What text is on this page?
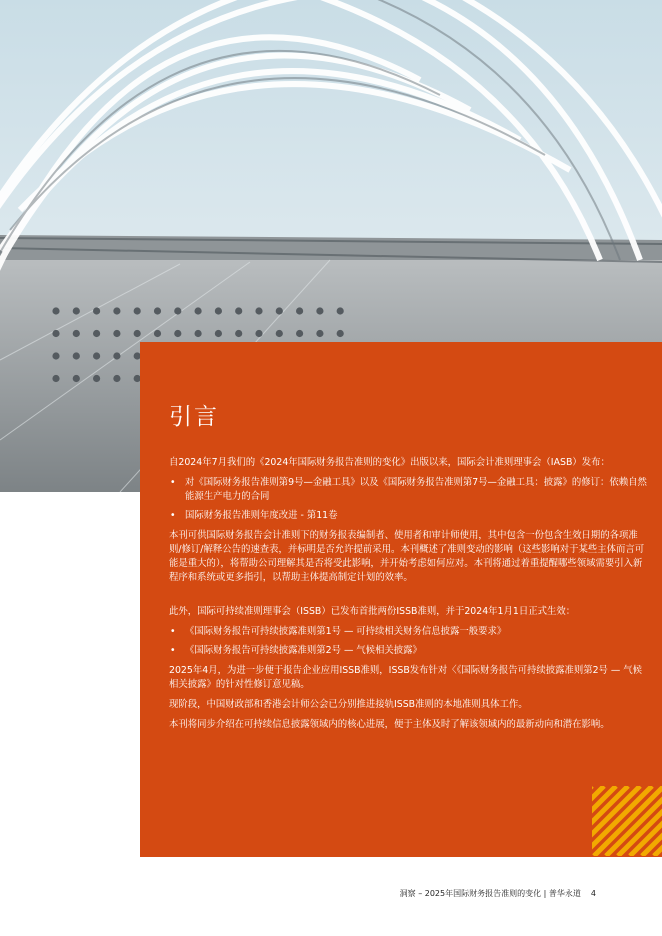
引言

自2024年7月我们的《2024年国际财务报告准则的变化》出版以来，国际会计准则理事会（IASB）发布：

• 对《国际财务报告准则第9号—金融工具》以及《国际财务报告准则第7号—金融工具：披露》的修订：依赖自然能源生产电力的合同
• 国际财务报告准则年度改进 - 第11卷

本刊可供国际财务报告会计准则下的财务报表编制者、使用者和审计师使用，其中包含一份包含生效日期的各项准则/修订/解释公告的速查表，并标明是否允许提前采用。本刊概述了准则变动的影响（这些影响对于某些主体而言可能是重大的），将帮助公司理解其是否将受此影响，并开始考虑如何应对。本刊将通过着重提醒哪些领域需要引入新程序和系统或更多指引，以帮助主体提高制定计划的效率。

此外，国际可持续准则理事会（ISSB）已发布首批两份ISSB准则，并于2024年1月1日正式生效：

• 《国际财务报告可持续披露准则第1号 — 可持续相关财务信息披露一般要求》
• 《国际财务报告可持续披露准则第2号 — 气候相关披露》

2025年4月，为进一步便于报告企业应用ISSB准则，ISSB发布针对〈《国际财务报告可持续披露准则第2号 — 气候相关披露》的针对性修订意见稿。

现阶段，中国财政部和香港会计师公会已分别推进接轨ISSB准则的本地准则具体工作。

本刊将同步介绍在可持续信息披露领域内的核心进展，便于主体及时了解该领域内的最新动向和潜在影响。

洞察 – 2025年国际财务报告准则的变化 | 普华永道 4
